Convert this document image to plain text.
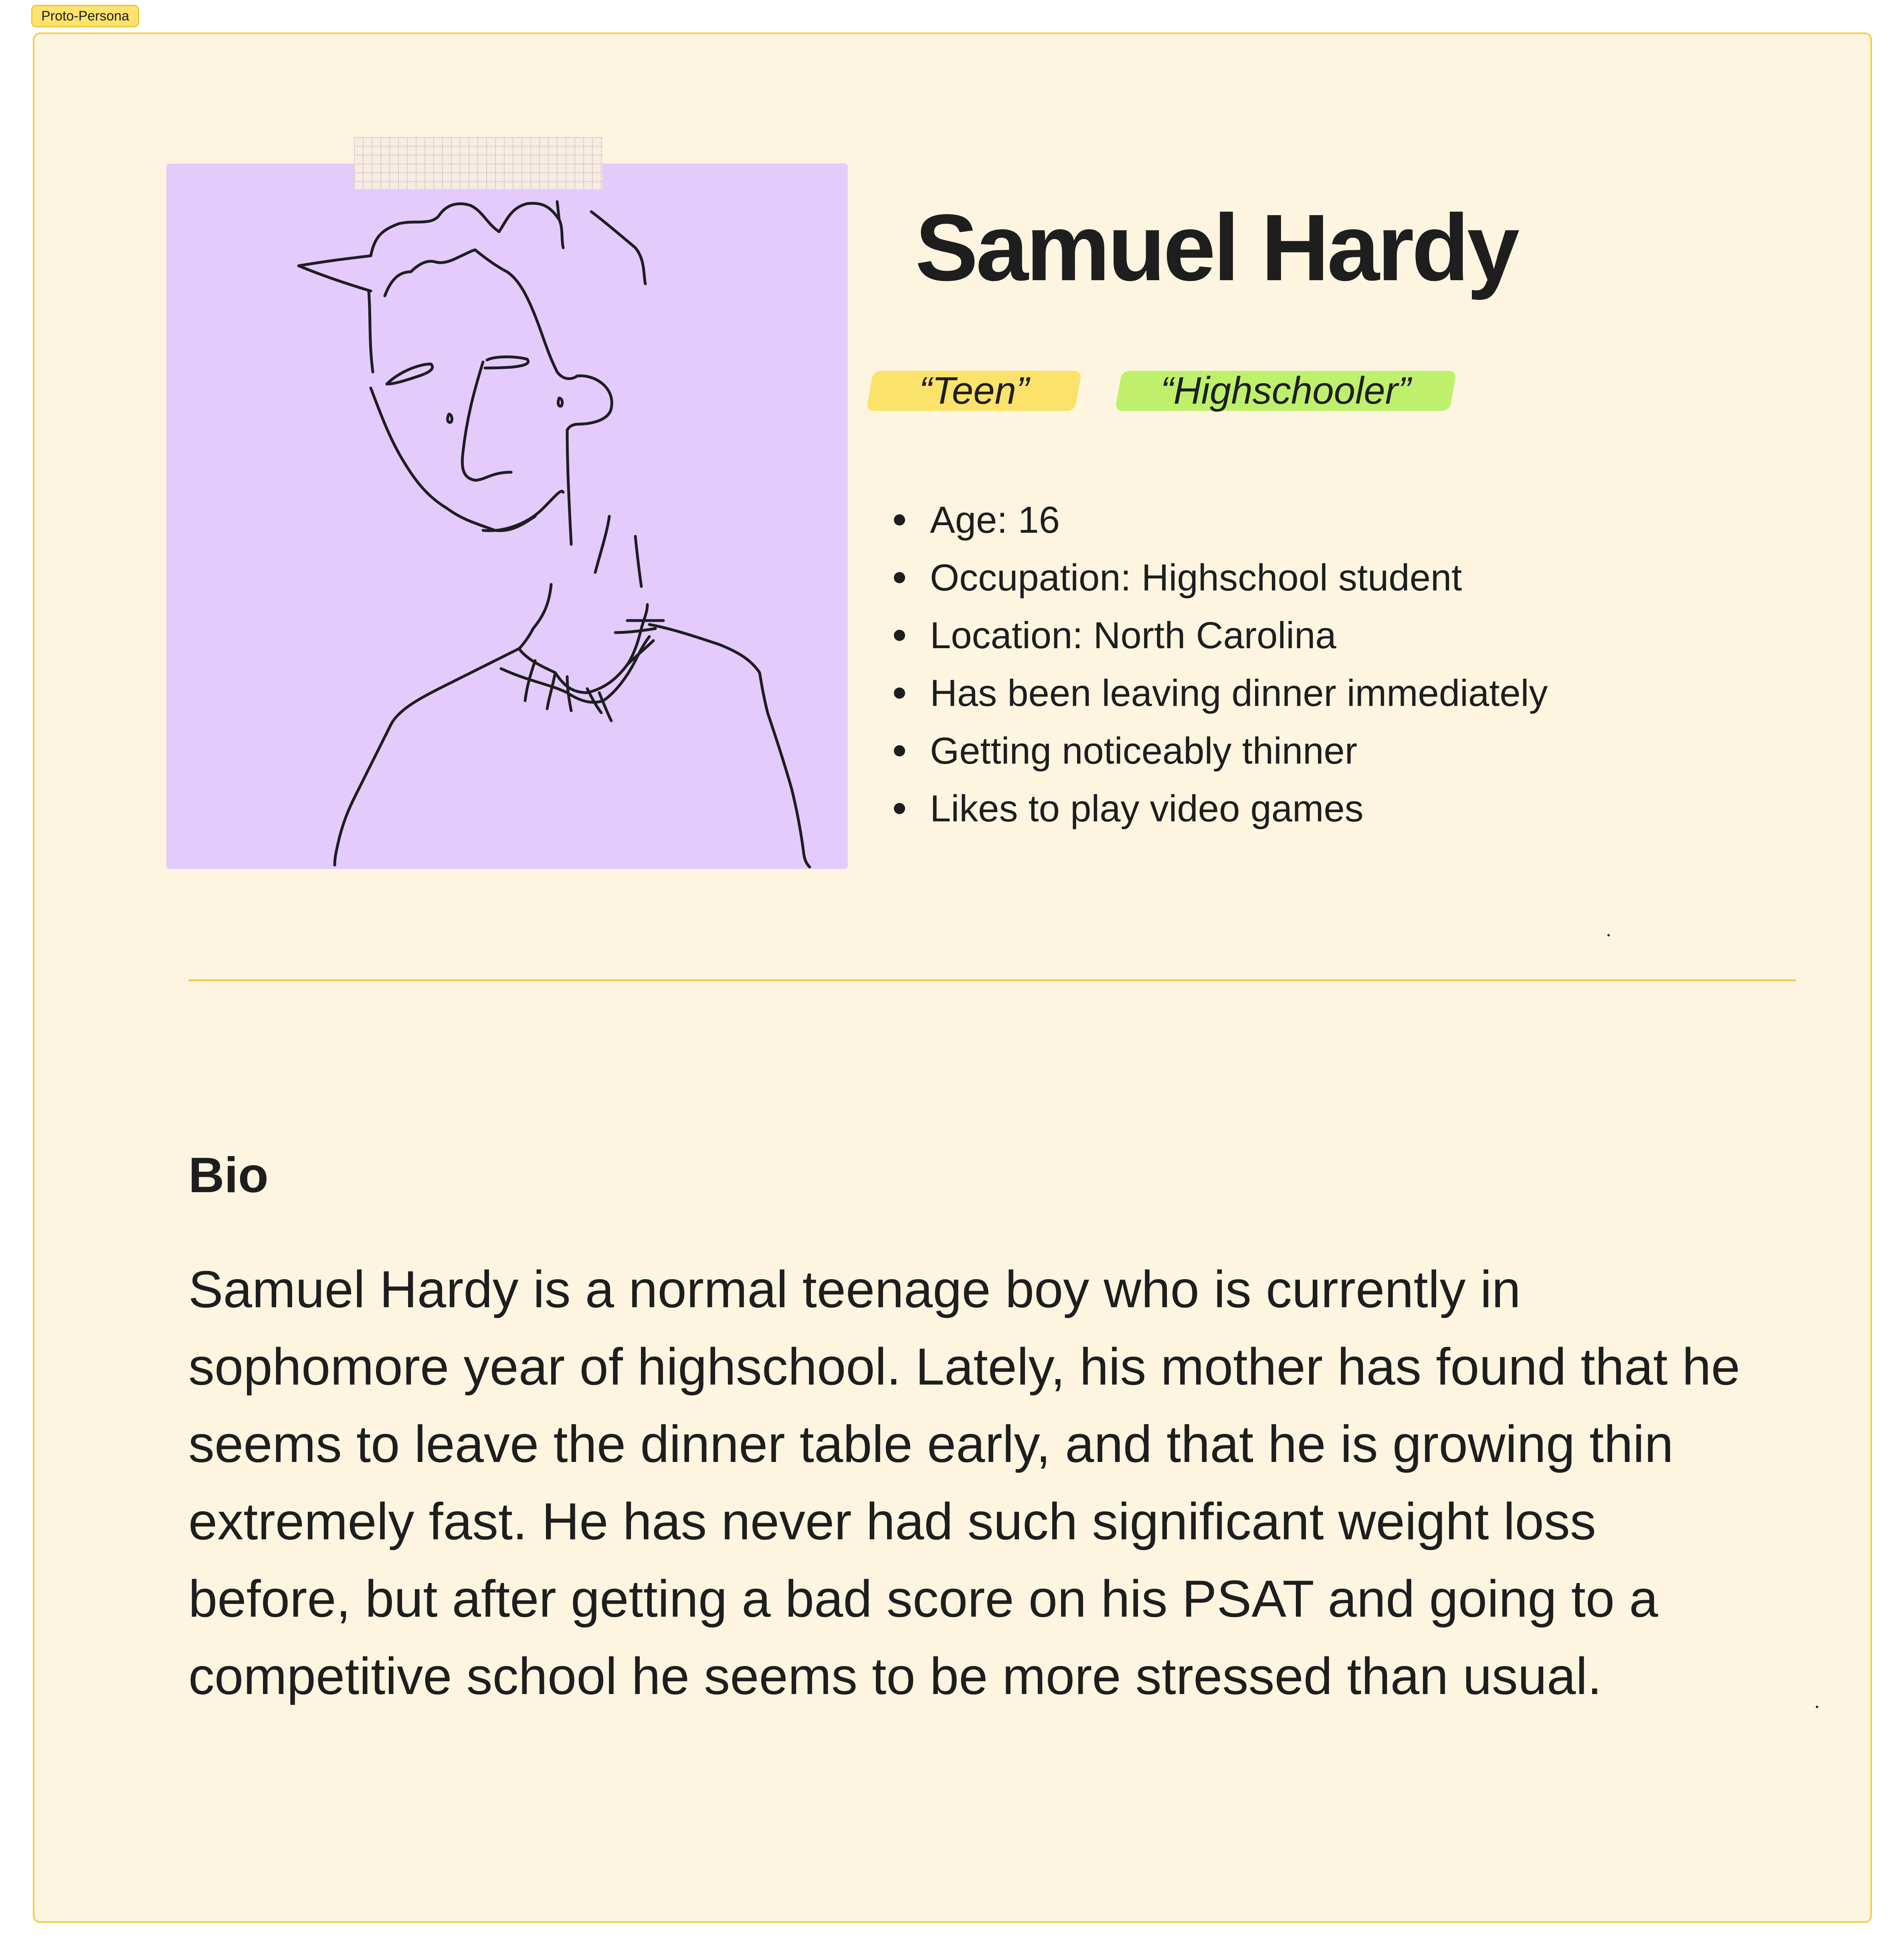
Proto-Persona
Samuel Hardy
“Teen”	“Highschooler”
Age: 16
Occupation: Highschool student
Location: North Carolina
Has been leaving dinner immediately
Getting noticeably thinner
Likes to play video games
Bio
Samuel Hardy is a normal teenage boy who is currently in sophomore year of highschool. Lately, his mother has found that he seems to leave the dinner table early, and that he is growing thin extremely fast. He has never had such significant weight loss before, but after getting a bad score on his PSAT and going to a competitive school he seems to be more stressed than usual.
